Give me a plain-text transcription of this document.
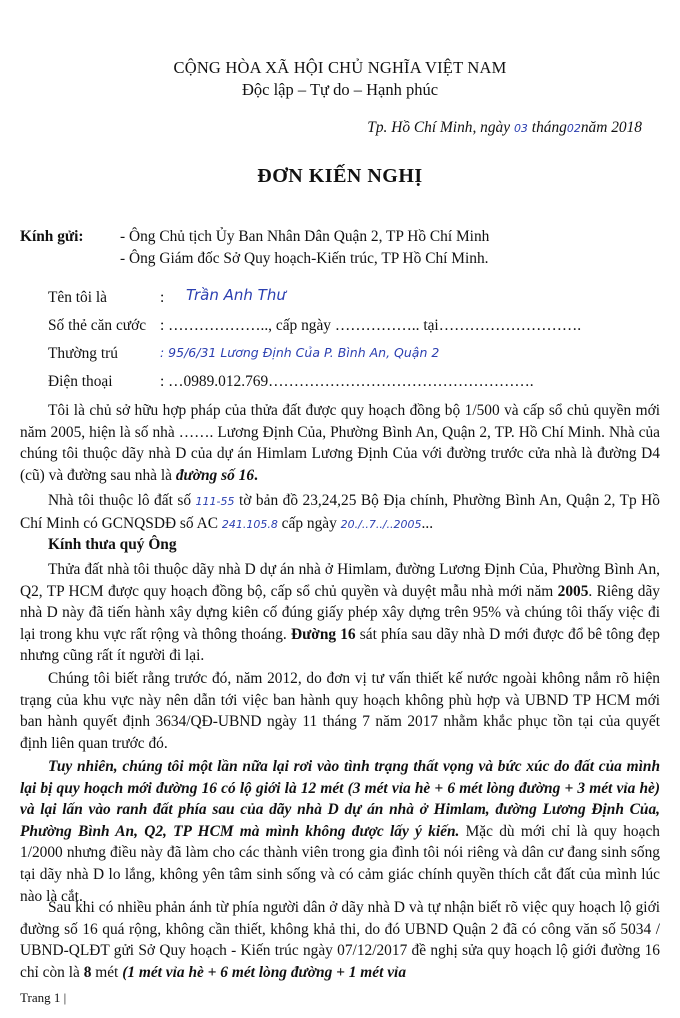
CỘNG HÒA XÃ HỘI CHỦ NGHĨA VIỆT NAM
Độc lập – Tự do – Hạnh phúc
Tp. Hồ Chí Minh, ngày 03 tháng02năm 2018
ĐƠN KIẾN NGHỊ
Kính gửi: - Ông Chủ tịch Ủy Ban Nhân Dân Quận 2, TP Hồ Chí Minh
- Ông Giám đốc Sở Quy hoạch-Kiến trúc, TP Hồ Chí Minh.
Tên tôi là	: Trần Anh Thư
Số thẻ căn cước : ……………….., cấp ngày …………….. tại……………………….
Thường trú	: 95/6/31 Lương Định Của P. Bình An, Quận 2
Điện thoại	: …0989.012.769…………………………………………….

Tôi là chủ sở hữu hợp pháp của thửa đất được quy hoạch đồng bộ 1/500 và cấp sổ chủ quyền mới năm 2005, hiện là số nhà ……. Lương Định Của, Phường Bình An, Quận 2, TP. Hồ Chí Minh. Nhà của chúng tôi thuộc dãy nhà D của dự án Himlam Lương Định Của với đường trước cửa nhà là đường D4 (cũ) và đường sau nhà là đường số 16.

Nhà tôi thuộc lô đất số 111-55 tờ bản đồ 23,24,25 Bộ Địa chính, Phường Bình An, Quận 2, Tp Hồ Chí Minh có GCNQSDĐ số AC 241.105.8 cấp ngày 20./..7../..2005...

Kính thưa quý Ông

Thửa đất nhà tôi thuộc dãy nhà D dự án nhà ở Himlam, đường Lương Định Của, Phường Bình An, Q2, TP HCM được quy hoạch đồng bộ, cấp sổ chủ quyền và duyệt mẫu nhà mới năm 2005. Riêng dãy nhà D này đã tiến hành xây dựng kiên cố đúng giấy phép xây dựng trên 95% và chúng tôi thấy việc đi lại trong khu vực rất rộng và thông thoáng. Đường 16 sát phía sau dãy nhà D mới được đổ bê tông đẹp nhưng cũng rất ít người đi lại.

Chúng tôi biết rằng trước đó, năm 2012, do đơn vị tư vấn thiết kế nước ngoài không nắm rõ hiện trạng của khu vực này nên dẫn tới việc ban hành quy hoạch không phù hợp và UBND TP HCM mới ban hành quyết định 3634/QĐ-UBND ngày 11 tháng 7 năm 2017 nhằm khắc phục tồn tại của quyết định liên quan trước đó.

Tuy nhiên, chúng tôi một lần nữa lại rơi vào tình trạng thất vọng và bức xúc do đất của mình lại bị quy hoạch mới đường 16 có lộ giới là 12 mét (3 mét vỉa hè + 6 mét lòng đường + 3 mét vỉa hè) và lại lấn vào ranh đất phía sau của dãy nhà D dự án nhà ở Himlam, đường Lương Định Của, Phường Bình An, Q2, TP HCM mà mình không được lấy ý kiến. Mặc dù mới chỉ là quy hoạch 1/2000 nhưng điều này đã làm cho các thành viên trong gia đình tôi nói riêng và dân cư đang sinh sống tại dãy nhà D lo lắng, không yên tâm sinh sống và có cảm giác chính quyền thích cắt đất của mình lúc nào là cắt.

Sau khi có nhiều phản ánh từ phía người dân ở dãy nhà D và tự nhận biết rõ việc quy hoạch lộ giới đường số 16 quá rộng, không cần thiết, không khả thi, do đó UBND Quận 2 đã có công văn số 5034 / UBND-QLĐT gửi Sở Quy hoạch - Kiến trúc ngày 07/12/2017 đề nghị sửa quy hoạch lộ giới đường 16 chỉ còn là 8 mét (1 mét vỉa hè + 6 mét lòng đường + 1 mét vỉa

Trang 1 |
